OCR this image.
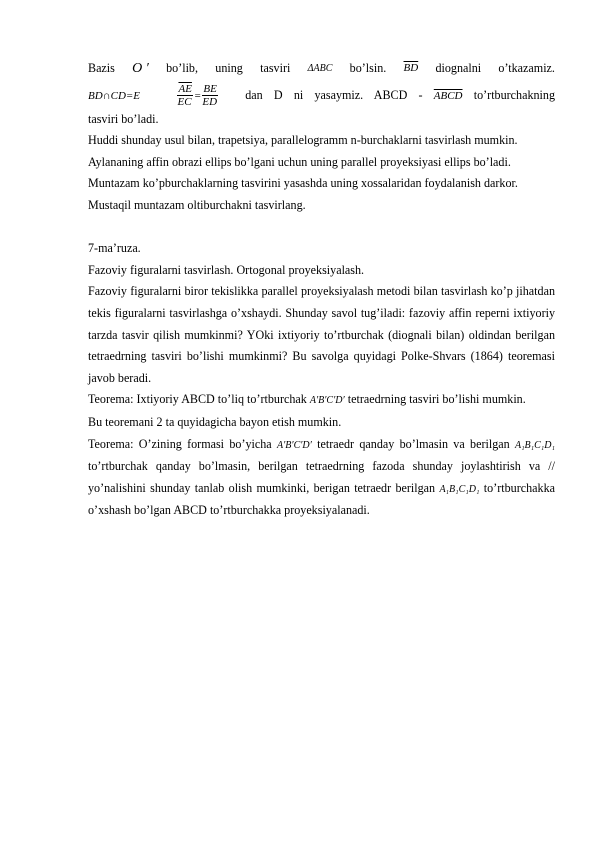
Bazis O ′ bo’lib, uning tasviri ΔABC bo’lsin. $\overline{BD}$ diognalni o’tkazamiz.

BD∩CD=E	$\frac{\overline{AE}}{EC} = \frac{BE}{ED}$ dan D ni yasaymiz. ABCD - ABCD to’rtburchakning

tasviri bo’ladi.

Huddi shunday usul bilan, trapetsiya, parallelogramm n-burchaklarni tasvirlash mumkin.

Aylananing affin obrazi ellips bo’lgani uchun uning parallel proyeksiyasi ellips bo’ladi.

Muntazam ko’pburchaklarning tasvirini yasashda uning xossalaridan foydalanish darkor.

Mustaqil muntazam oltiburchakni tasvirlang.

7-ma’ruza.

Fazoviy figuralarni tasvirlash. Ortogonal proyeksiyalash.

Fazoviy figuralarni biror tekislikka parallel proyeksiyalash metodi bilan tasvirlash ko’p jihatdan tekis figuralarni tasvirlashga o’xshaydi. Shunday savol tug’iladi: fazoviy affin reperni ixtiyoriy tarzda tasvir qilish mumkinmi? YOki ixtiyoriy to’rtburchak (diognali bilan) oldindan berilgan tetraedrning tasviri bo’lishi mumkinmi? Bu savolga quyidagi Polke-Shvars (1864) teoremasi javob beradi.

Teorema: Ixtiyoriy ABCD to’liq to’rtburchak A′B′C′D′ tetraedrning tasviri bo’lishi mumkin.

Bu teoremani 2 ta quyidagicha bayon etish mumkin.

Teorema: O’zining formasi bo’yicha A′B′C′D′ tetraedr qanday bo’lmasin va berilgan A₁B₁C₁D₁ to’rtburchak qanday bo’lmasin, berilgan tetraedrning fazoda shunday joylashtirish va // yo’nalishini shunday tanlab olish mumkinki, berigan tetraedr berilgan A₁B₁C₁D₁ to’rtburchakka o’xshash bo’lgan ABCD to’rtburchakka proyeksiyalanadi.
